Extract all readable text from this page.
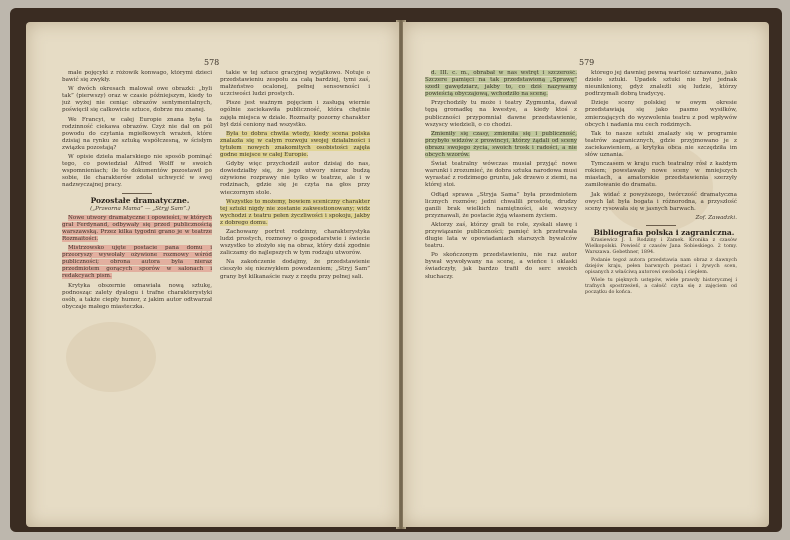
578

małe pojęcyki z różowik konwago, którymi dzieci bawić się zwykły.

W dwóch okresach malował owe obrazki: „byli tak” (pierwszy) oraz w czasie późniejszym, kiedy to już wyżej nie ceniąc obrazów sentymentalnych, poświęcił się całkowicie sztuce, dobrze mu znanej.

We Francyi, w całej Europie znana była ta rodzinność ciekawa obrazów. Czyż nie dał on pól powodu do czytania mgiełkowych wrażeń, które dzisiaj na rynku ze sztuką współczesną, w ścisłym związku pozostają?

W opisie dzieła malarskiego nie sposób pominąć tego, co powiedział Alfred Wolff w swoich wspomnieniach; ile to dokumentów pozostawił po sobie, ile charakterów zdołał uchwycić w swej nadzwyczajnej pracy.

Pozostałe dramatyczne.

(„Przeorna Mama” — „Stryj Sam”.)

Nowe utwory dramatyczne i opowieści, w których grał Ferdynand, odbywały się przed publicznością warszawską. Przez kilka tygodni grano je w teatrze Rozmaitości.

Mistrzowsko ujęte postacie pana domu i przeoryszy wywołały ożywione rozmowy wśród publiczności; obrona autora była nieraz przedmiotem gorących sporów w salonach i redakcyach pism.

Krytyka obszernie omawiała nową sztukę, podnosząc zalety dyalogu i trafne charakterystyki osób, a także ciepły humor, z jakim autor odtwarzał obyczaje małego miasteczka.

takie w tej sztuce gracyjnej wyjątkowo. Notuje o przedstawieniu zespołu za całą bardziej, tymi zaś, małżeństwo ocalonej, pełnej sensowności i uczciwości ludzi prostych.

Pisze jest ważnym pojęciem i zasługą wiernie ogólnie zaciekawiła publiczność, która chętnie zajęła miejsca w dziale. Rozmaity pozorny charakter był dziś ceniony nad wszystko.

Była to dobra chwila wtedy, kiedy scena polska znalazła się w całym rozwoju swojej działalności i tytułem nowych znakomitych osobistości zajęła godne miejsce w całej Europie.

Gdyby więc przychodził autor dzisiaj do nas, dowiedziałby się, że jego utwory nieraz budzą ożywione rozprawy nie tylko w teatrze, ale i w rodzinach, gdzie się je czyta na głos przy wieczornym stole.

Wszystko to możemy, bowiem sceniczny charakter tej sztuki nigdy nie zostanie zakwestionowany; widz wychodzi z teatru pełen życzliwości i spokoju, jakby z dobrego domu.

Zachowany portret rodzinny, charakterystyka ludzi prostych, rozmowy o gospodarstwie i świecie wszystko to złożyło się na obraz, który dziś zgodnie zaliczamy do najlepszych w tym rodzaju utworów.

Na zakończenie dodajmy, że przedstawienie cieszyło się niezwykłem powodzeniem; „Stryj Sam” grany był kilkanaście razy z rzędu przy pełnej sali.

579

d. III. c. m., obrabał w nas wstręt i szczerość. Szczere pamięci na tak przedstawioną „Sprawę” szedł gawędziarz, jakby to, co dziś nazywamy powieścią obyczajową, wchodziło na scenę.

Przychodziły tu może i teatry Zygmunta, dawał tęgą gromadkę na kwestye, a kiedy ktoś z publiczności przypomniał dawne przedstawienie, wszyscy wiedzieli, o co chodzi.

Zmieniły się czasy, zmieniła się i publiczność, przybyło widzów z prowincyi, którzy żądali od sceny obrazu swojego życia, swoich trosk i radości, a nie obcych wzorów.

Świat teatralny wówczas musiał przyjąć nowe warunki i zrozumieć, że dobra sztuka narodowa musi wyrastać z rodzimego gruntu, jak drzewo z ziemi, na której stoi.

Odtąd sprawa „Stryja Sama” była przedmiotem licznych rozmów; jedni chwalili prostotę, drudzy ganili brak wielkich namiętności, ale wszyscy przyznawali, że postacie żyją własnem życiem.

Aktorzy zaś, którzy grali te role, zyskali sławę i przywiązanie publiczności; pamięć ich przetrwała długie lata w opowiadaniach starszych bywalców teatru.

Po skończonym przedstawieniu, nie raz autor bywał wywoływany na scenę, a wieńce i oklaski świadczyły, jak bardzo trafił do serc swoich słuchaczy.

którego jej dawniej pewną wartość uznawano, jako dzieło sztuki. Upadek sztuki nie był jednak nieunikniony, gdyż znaleźli się ludzie, którzy podtrzymali dobrą tradycyę.

Dzieje sceny polskiej w owym okresie przedstawiają się jako pasmo wysiłków, zmierzających do wyzwolenia teatru z pod wpływów obcych i nadania mu cech rodzimych.

Tak to nasze sztuki znalazły się w programie teatrów zagranicznych, gdzie przyjmowano je z zaciekawieniem, a krytyka obca nie szczędziła im słów uznania.

Tymczasem w kraju ruch teatralny rósł z każdym rokiem; powstawały nowe sceny w mniejszych miastach, a amatorskie przedstawienia szerzyły zamiłowanie do dramatu.

Jak widać z powyższego, twórczość dramatyczna owych lat była bogata i różnorodna, a przyszłość sceny rysowała się w jasnych barwach.

Zof. Zawadzki.

Bibliografia polska i zagraniczna.

Krasiewicz J. I. Rodziny i Zamek. Kronika z czasów Wielkopolski. Powieść z czasów Jana Sobieskiego. 2 tomy. Warszawa. Gebethner, 1894.

Podanie tegoż autora przedstawia nam obraz z dawnych dziejów kraju, pełen barwnych postaci i żywych scen, opisanych z właściwą autorowi swobodą i ciepłem.

Wiele tu pięknych ustępów, wiele prawdy historycznej i trafnych spostrzeżeń, a całość czyta się z zajęciem od początku do końca.
